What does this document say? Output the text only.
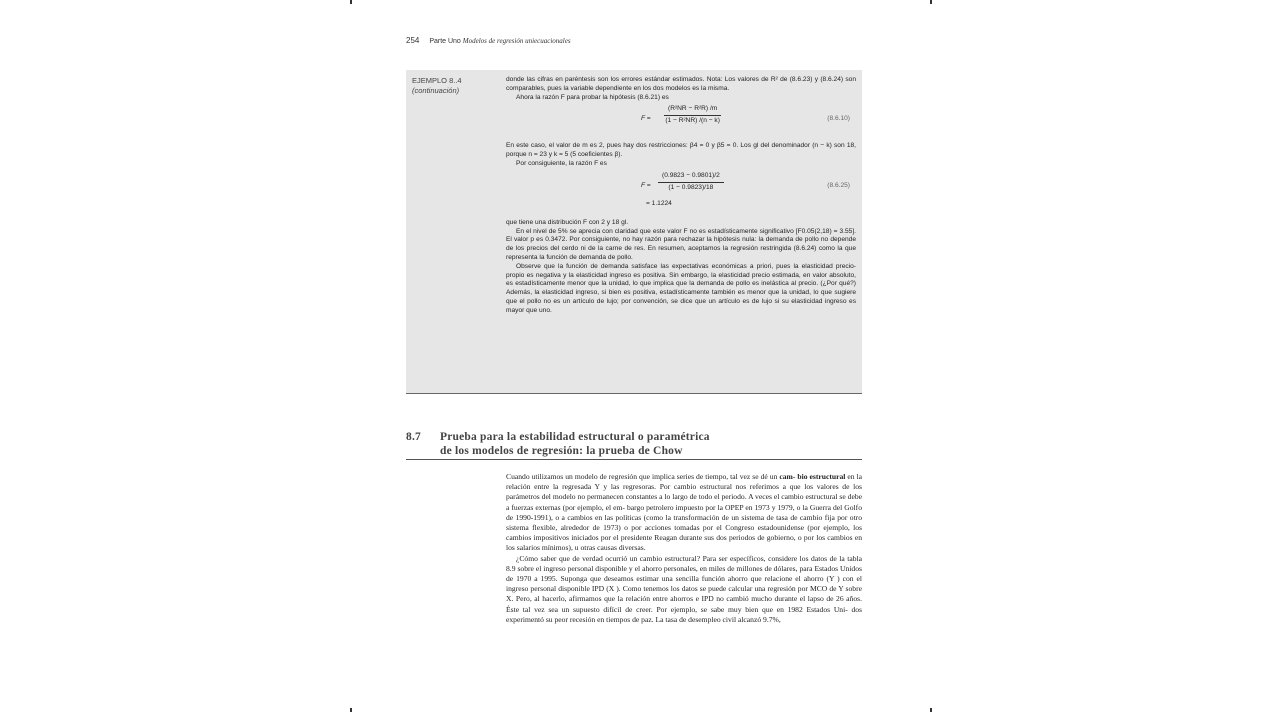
254 Parte Uno Modelos de regresión uniecuacionales
EJEMPLO 8..4
(continuación)

donde las cifras en paréntesis son los errores estándar estimados. Nota: Los valores de R² de (8.6.23) y (8.6.24) son comparables, pues la variable dependiente en los dos modelos es la misma.

Ahora la razón F para probar la hipótesis (8.6.21) es

$F = \frac{\text{(R²NR − R²R) /m}}{\text{(1 − R²NR) /(n − k)}}$	(8.6.10)

En este caso, el valor de m es 2, pues hay dos restricciones: β4 = 0 y β5 = 0. Los gl del denominador (n − k) son 18, porque n = 23 y k = 5 (5 coeficientes β).

Por consiguiente, la razón F es

$F = \frac{(0.9823 - 0.9801)/2}{(1 - 0.9823)/18}$
= 1.1224
(8.6.25)

que tiene una distribución F con 2 y 18 gl.

En el nivel de 5% se aprecia con claridad que este valor F no es estadísticamente significativo [F0.05(2,18) = 3.55]. El valor p es 0.3472. Por consiguiente, no hay razón para rechazar la hipótesis nula: la demanda de pollo no depende de los precios del cerdo ni de la carne de res. En resumen, aceptamos la regresión restringida (8.6.24) como la que representa la función de demanda de pollo.

Observe que la función de demanda satisface las expectativas económicas a priori, pues la elasticidad precio-propio es negativa y la elasticidad ingreso es positiva. Sin embargo, la elasticidad precio estimada, en valor absoluto, es estadísticamente menor que la unidad, lo que implica que la demanda de pollo es inelástica al precio. (¿Por qué?) Además, la elasticidad ingreso, si bien es positiva, estadísticamente también es menor que la unidad, lo que sugiere que el pollo no es un artículo de lujo; por convención, se dice que un artículo es de lujo si su elasticidad ingreso es mayor que uno.

8.7 Prueba para la estabilidad estructural o paramétrica
de los modelos de regresión: la prueba de Chow

Cuando utilizamos un modelo de regresión que implica series de tiempo, tal vez se dé un cam- bio estructural en la relación entre la regresada Y y las regresoras. Por cambio estructural nos referimos a que los valores de los parámetros del modelo no permanecen constantes a lo largo de todo el periodo. A veces el cambio estructural se debe a fuerzas externas (por ejemplo, el em- bargo petrolero impuesto por la OPEP en 1973 y 1979, o la Guerra del Golfo de 1990-1991), o a cambios en las políticas (como la transformación de un sistema de tasa de cambio fija por otro sistema flexible, alrededor de 1973) o por acciones tomadas por el Congreso estadounidense (por ejemplo, los cambios impositivos iniciados por el presidente Reagan durante sus dos periodos de gobierno, o por los cambios en los salarios mínimos), u otras causas diversas.

¿Cómo saber que de verdad ocurrió un cambio estructural? Para ser específicos, considere los datos de la tabla 8.9 sobre el ingreso personal disponible y el ahorro personales, en miles de millones de dólares, para Estados Unidos de 1970 a 1995. Suponga que deseamos estimar una sencilla función ahorro que relacione el ahorro (Y ) con el ingreso personal disponible IPD (X ). Como tenemos los datos se puede calcular una regresión por MCO de Y sobre X. Pero, al hacerlo, afirmamos que la relación entre ahorros e IPD no cambió mucho durante el lapso de 26 años. Éste tal vez sea un supuesto difícil de creer. Por ejemplo, se sabe muy bien que en 1982 Estados Uni- dos experimentó su peor recesión en tiempos de paz. La tasa de desempleo civil alcanzó 9.7%,
